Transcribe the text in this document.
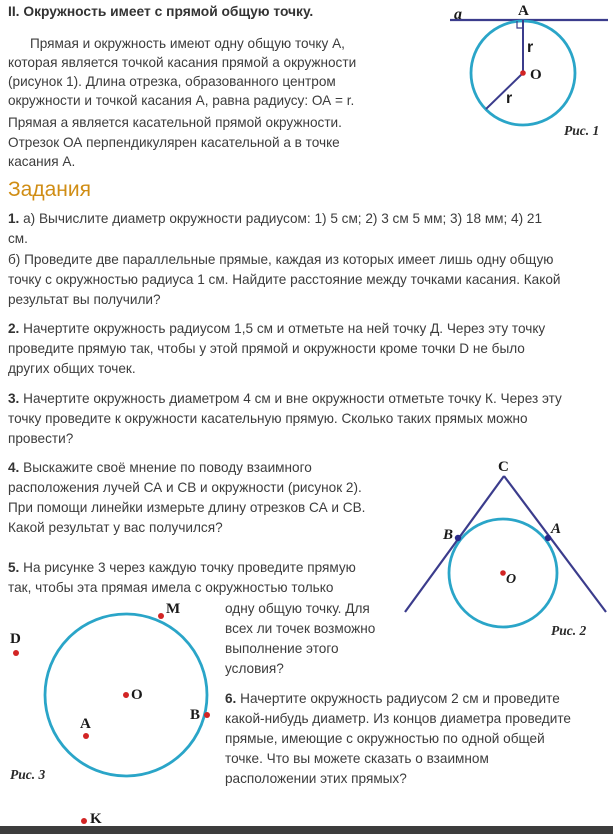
II. Окружность имеет с прямой общую точку.
Прямая и окружность имеют одну общую точку А,
которая является точкой касания прямой а окружности
(рисунок 1). Длина отрезка, образованного центром
окружности и точкой касания А, равна радиусу: ОА = r.
Прямая а является касательной прямой окружности.
Отрезок ОА перпендикулярен касательной а в точке
касания А.
a	A
O
r
r
Рис. 1
Задания
1. а) Вычислите диаметр окружности радиусом: 1) 5 см; 2) 3 см 5 мм; 3) 18 мм; 4) 21
см.
б) Проведите две параллельные прямые, каждая из которых имеет лишь одну общую
точку с окружностью радиуса 1 см. Найдите расстояние между точками касания. Какой
результат вы получили?
2. Начертите окружность радиусом 1,5 см и отметьте на ней точку Д. Через эту точку
проведите прямую так, чтобы у этой прямой и окружности кроме точки D не было
других общих точек.
3. Начертите окружность диаметром 4 см и вне окружности отметьте точку К. Через эту
точку проведите к окружности касательную прямую. Сколько таких прямых можно
провести?
4. Выскажите своё мнение по поводу взаимного
расположения лучей СА и СВ и окружности (рисунок 2).
При помощи линейки измерьте длину отрезков СА и СВ.
Какой результат у вас получился?
C
B	A
O
Рис. 2
5. На рисунке 3 через каждую точку проведите прямую
так, чтобы эта прямая имела с окружностью только
одну общую точку. Для
всех ли точек возможно
выполнение этого
условия?
M
D
O
A
B
K
Рис. 3
6. Начертите окружность радиусом 2 см и проведите
какой-нибудь диаметр. Из концов диаметра проведите
прямые, имеющие с окружностью по одной общей
точке. Что вы можете сказать о взаимном
расположении этих прямых?
